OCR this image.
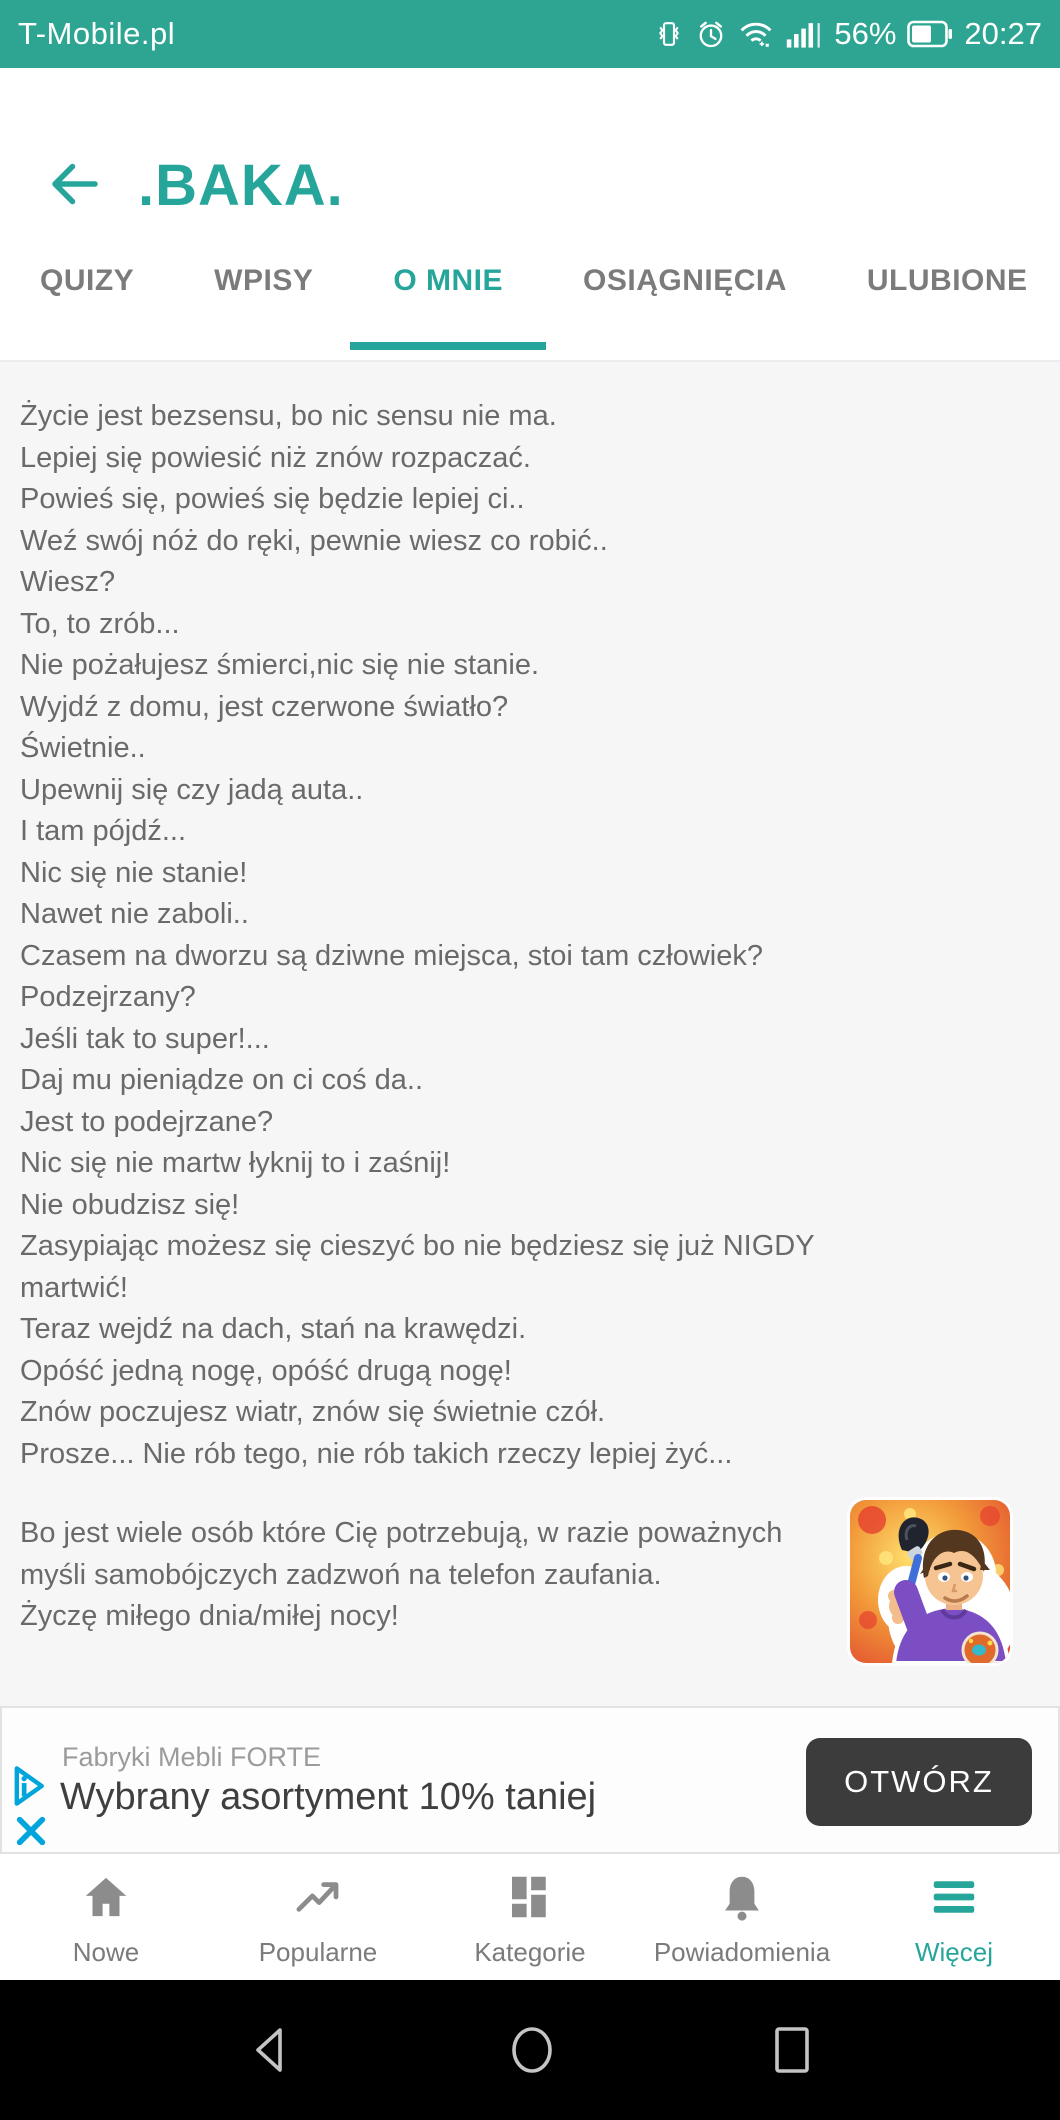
T-Mobile.pl	56% 20:27
.BAKA.
QUIZY	WPISY	O MNIE	OSIĄGNIĘCIA	ULUBIONE
Życie jest bezsensu, bo nic sensu nie ma.
Lepiej się powiesić niż znów rozpaczać.
Powieś się, powieś się będzie lepiej ci..
Weź swój nóż do ręki, pewnie wiesz co robić..
Wiesz?
To, to zrób...
Nie pożałujesz śmierci,nic się nie stanie.
Wyjdź z domu, jest czerwone światło?
Świetnie..
Upewnij się czy jadą auta..
I tam pójdź...
Nic się nie stanie!
Nawet nie zaboli..
Czasem na dworzu są dziwne miejsca, stoi tam człowiek?
Podzejrzany?
Jeśli tak to super!...
Daj mu pieniądze on ci coś da..
Jest to podejrzane?
Nic się nie martw łyknij to i zaśnij!
Nie obudzisz się!
Zasypiając możesz się cieszyć bo nie będziesz się już NIGDY
martwić!
Teraz wejdź na dach, stań na krawędzi.
Opóść jedną nogę, opóść drugą nogę!
Znów poczujesz wiatr, znów się świetnie czół.
Prosze... Nie rób tego, nie rób takich rzeczy lepiej żyć...
Bo jest wiele osób które Cię potrzebują, w razie poważnych
myśli samobójczych zadzwoń na telefon zaufania.
Życzę miłego dnia/miłej nocy!
Fabryki Mebli FORTE
Wybrany asortyment 10% taniej	OTWÓRZ
Nowe	Popularne	Kategorie	Powiadomienia	Więcej
